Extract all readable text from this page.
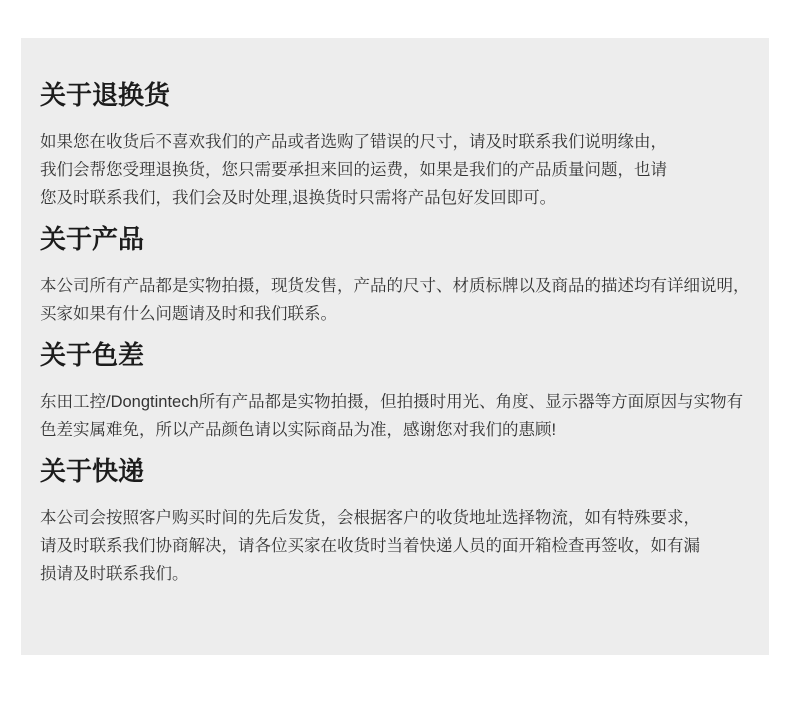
关于退换货
如果您在收货后不喜欢我们的产品或者选购了错误的尺寸，请及时联系我们说明缘由，
我们会帮您受理退换货，您只需要承担来回的运费，如果是我们的产品质量问题，也请
您及时联系我们，我们会及时处理,退换货时只需将产品包好发回即可。
关于产品
本公司所有产品都是实物拍摄，现货发售，产品的尺寸、材质标牌以及商品的描述均有详细说明，
买家如果有什么问题请及时和我们联系。
关于色差
东田工控/Dongtintech所有产品都是实物拍摄，但拍摄时用光、角度、显示器等方面原因与实物有
色差实属难免，所以产品颜色请以实际商品为准，感谢您对我们的惠顾!
关于快递
本公司会按照客户购买时间的先后发货，会根据客户的收货地址选择物流，如有特殊要求，
请及时联系我们协商解决，请各位买家在收货时当着快递人员的面开箱检查再签收，如有漏
损请及时联系我们。
